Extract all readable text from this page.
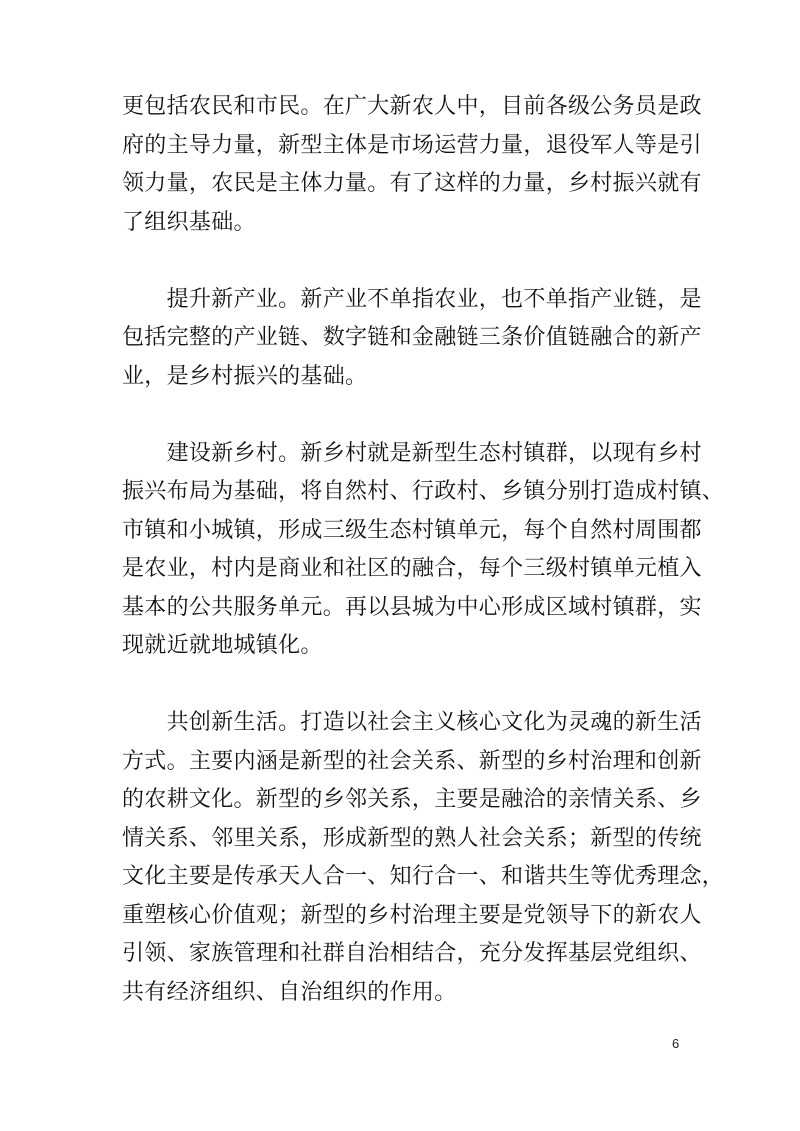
更包括农民和市民。在广大新农人中，目前各级公务员是政
府的主导力量，新型主体是市场运营力量，退役军人等是引
领力量，农民是主体力量。有了这样的力量，乡村振兴就有
了组织基础。

　　提升新产业。新产业不单指农业，也不单指产业链，是
包括完整的产业链、数字链和金融链三条价值链融合的新产
业，是乡村振兴的基础。

　　建设新乡村。新乡村就是新型生态村镇群，以现有乡村
振兴布局为基础，将自然村、行政村、乡镇分别打造成村镇、
市镇和小城镇，形成三级生态村镇单元，每个自然村周围都
是农业，村内是商业和社区的融合，每个三级村镇单元植入
基本的公共服务单元。再以县城为中心形成区域村镇群，实
现就近就地城镇化。

　　共创新生活。打造以社会主义核心文化为灵魂的新生活
方式。主要内涵是新型的社会关系、新型的乡村治理和创新
的农耕文化。新型的乡邻关系，主要是融洽的亲情关系、乡
情关系、邻里关系，形成新型的熟人社会关系；新型的传统
文化主要是传承天人合一、知行合一、和谐共生等优秀理念，
重塑核心价值观；新型的乡村治理主要是党领导下的新农人
引领、家族管理和社群自治相结合，充分发挥基层党组织、
共有经济组织、自治组织的作用。

6
